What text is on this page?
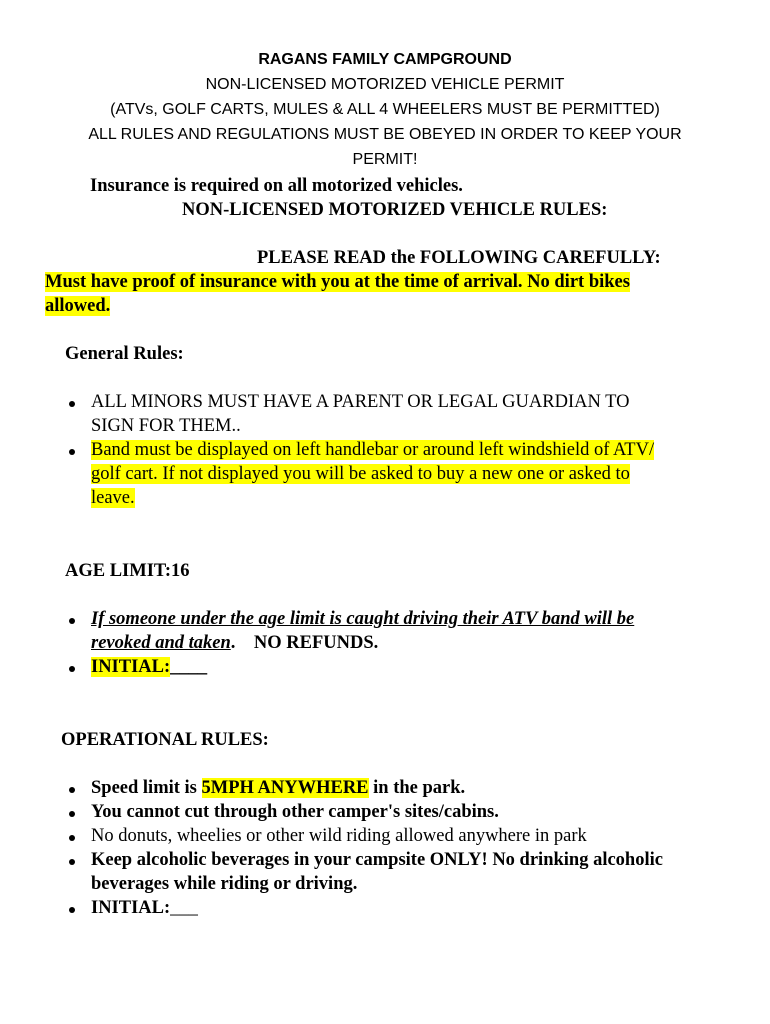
RAGANS FAMILY CAMPGROUND
NON-LICENSED MOTORIZED VEHICLE PERMIT
(ATVs, GOLF CARTS, MULES & ALL 4 WHEELERS MUST BE PERMITTED)
ALL RULES AND REGULATIONS MUST BE OBEYED IN ORDER TO KEEP YOUR
PERMIT!
Insurance is required on all motorized vehicles.
NON-LICENSED MOTORIZED VEHICLE RULES:
PLEASE READ the FOLLOWING CAREFULLY:
Must have proof of insurance with you at the time of arrival. No dirt bikes
allowed.
General Rules:
ALL MINORS MUST HAVE A PARENT OR LEGAL GUARDIAN TO
SIGN FOR THEM..
Band must be displayed on left handlebar or around left windshield of ATV/
golf cart. If not displayed you will be asked to buy a new one or asked to
leave.
AGE LIMIT:16
If someone under the age limit is caught driving their ATV band will be
revoked and taken.    NO REFUNDS.
INITIAL:____
OPERATIONAL RULES:
Speed limit is 5MPH ANYWHERE in the park.
You cannot cut through other camper's sites/cabins.
No donuts, wheelies or other wild riding allowed anywhere in park
Keep alcoholic beverages in your campsite ONLY! No drinking alcoholic
beverages while riding or driving.
INITIAL:___
